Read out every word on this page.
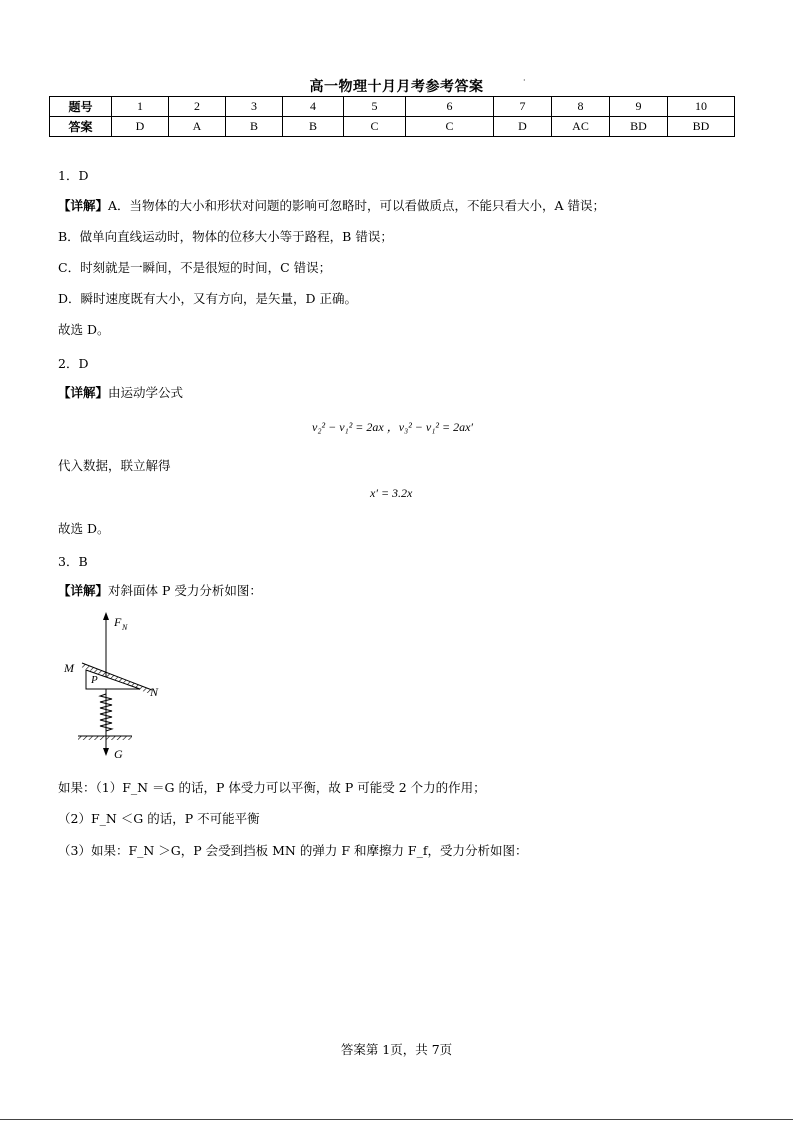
高一物理十月月考参考答案	·
题号	1	2	3	4	5	6	7	8	9	10
答案	D	A	B	B	C	C	D	AC	BD	BD
1．D
【详解】A．当物体的大小和形状对问题的影响可忽略时，可以看做质点，不能只看大小，A 错误；
B．做单向直线运动时，物体的位移大小等于路程，B 错误；
C．时刻就是一瞬间，不是很短的时间，C 错误；
D．瞬时速度既有大小，又有方向，是矢量，D 正确。
故选 D。
2．D
【详解】由运动学公式
v₂² − v₁² = 2ax ，v₃² − v₁² = 2ax′
代入数据，联立解得
x′ = 3.2x
故选 D。
3．B
【详解】对斜面体 P 受力分析如图：
F N
M
P
N
G
如果：（1）F_N ＝G 的话，P 体受力可以平衡，故 P 可能受 2 个力的作用；
（2）F_N ＜G 的话，P 不可能平衡
（3）如果：F_N ＞G，P 会受到挡板 MN 的弹力 F 和摩擦力 F_f，受力分析如图：
答案第 1页，共 7页
